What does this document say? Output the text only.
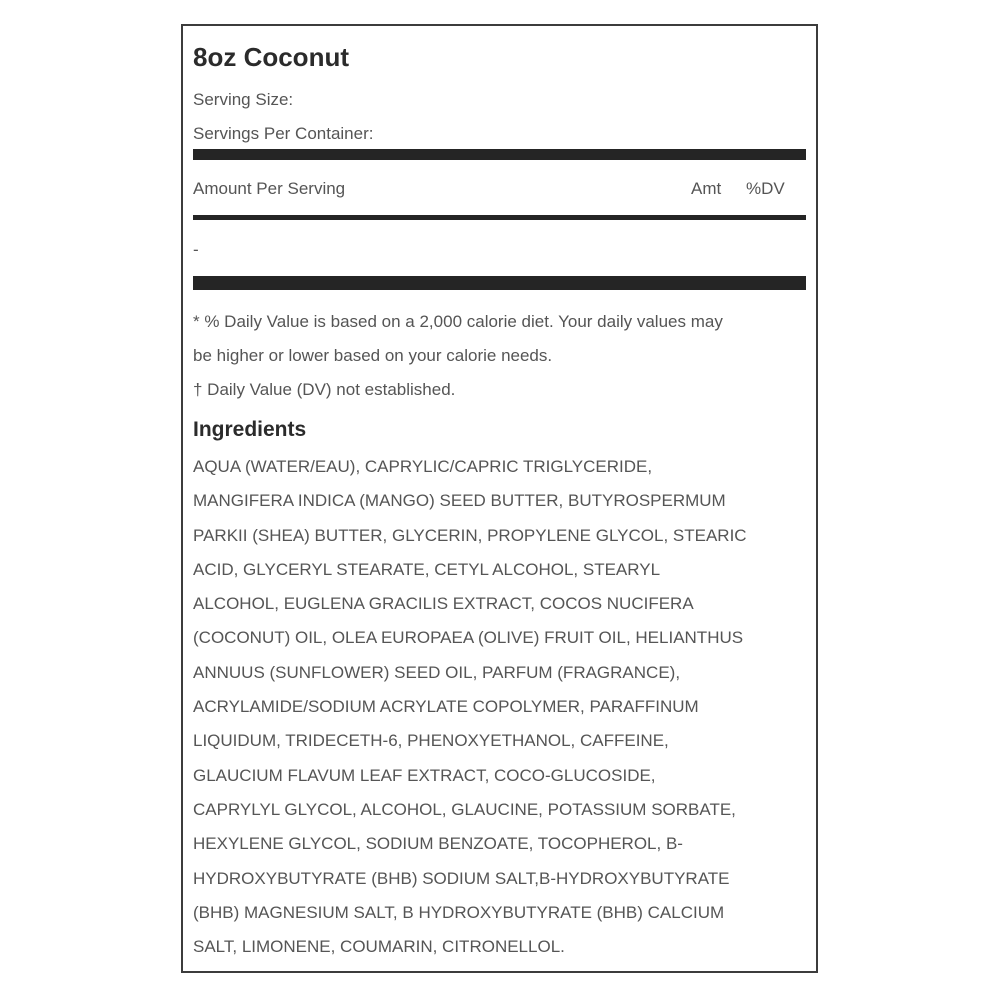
8oz Coconut
Serving Size:
Servings Per Container:
Amount Per Serving	Amt %DV
-

* % Daily Value is based on a 2,000 calorie diet. Your daily values may

be higher or lower based on your calorie needs.

† Daily Value (DV) not established.

Ingredients
AQUA (WATER/EAU), CAPRYLIC/CAPRIC TRIGLYCERIDE,
MANGIFERA INDICA (MANGO) SEED BUTTER, BUTYROSPERMUM
PARKII (SHEA) BUTTER, GLYCERIN, PROPYLENE GLYCOL, STEARIC
ACID, GLYCERYL STEARATE, CETYL ALCOHOL, STEARYL
ALCOHOL, EUGLENA GRACILIS EXTRACT, COCOS NUCIFERA
(COCONUT) OIL, OLEA EUROPAEA (OLIVE) FRUIT OIL, HELIANTHUS
ANNUUS (SUNFLOWER) SEED OIL, PARFUM (FRAGRANCE),
ACRYLAMIDE/SODIUM ACRYLATE COPOLYMER, PARAFFINUM
LIQUIDUM, TRIDECETH-6, PHENOXYETHANOL, CAFFEINE,
GLAUCIUM FLAVUM LEAF EXTRACT, COCO-GLUCOSIDE,
CAPRYLYL GLYCOL, ALCOHOL, GLAUCINE, POTASSIUM SORBATE,
HEXYLENE GLYCOL, SODIUM BENZOATE, TOCOPHEROL, B-
HYDROXYBUTYRATE (BHB) SODIUM SALT,B-HYDROXYBUTYRATE
(BHB) MAGNESIUM SALT, B HYDROXYBUTYRATE (BHB) CALCIUM
SALT, LIMONENE, COUMARIN, CITRONELLOL.
